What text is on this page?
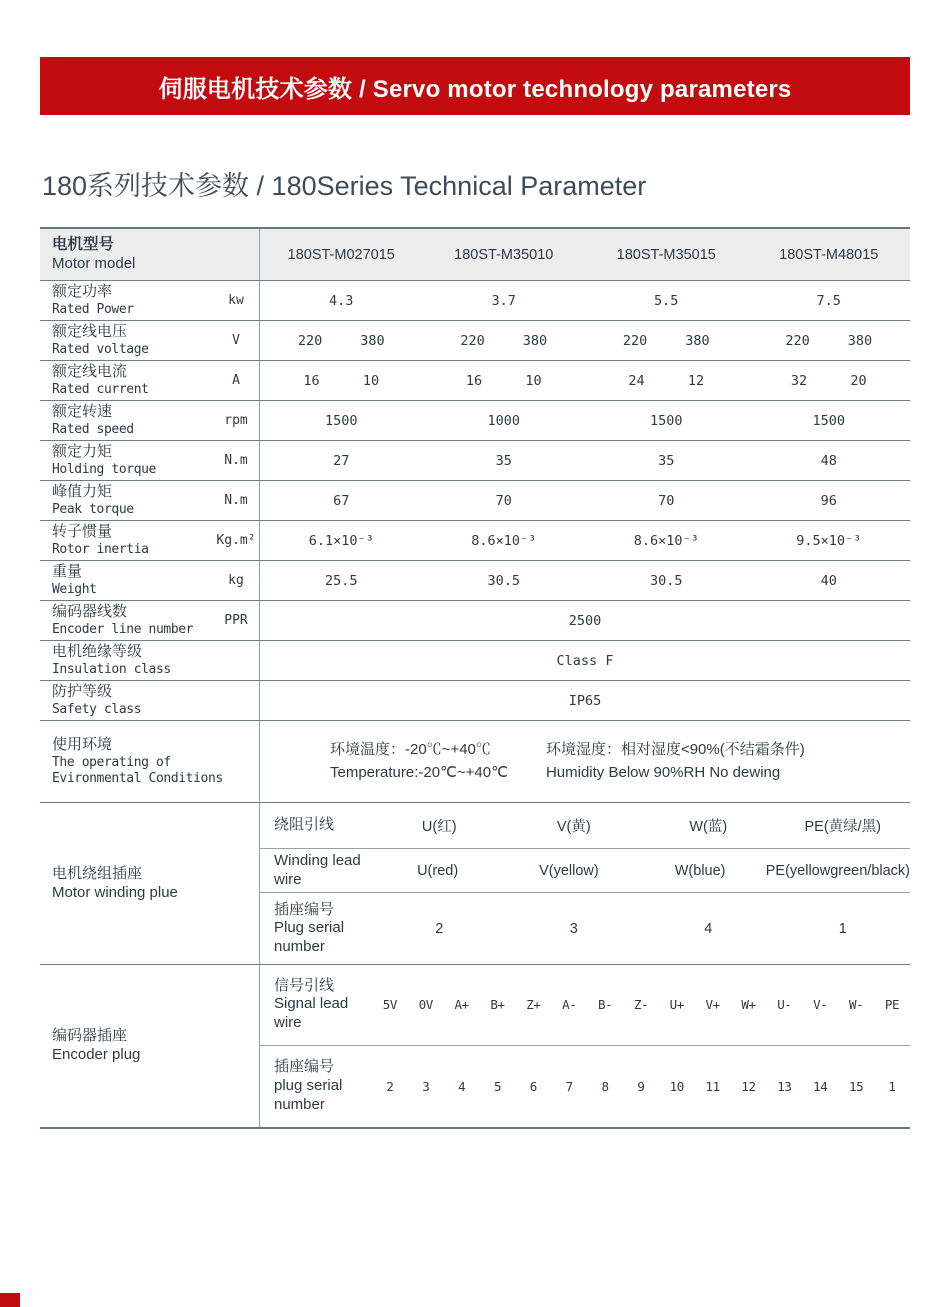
伺服电机技术参数 / Servo motor technology parameters
180系列技术参数 / 180Series Technical Parameter
电机型号
Motor model
180ST-M027015	180ST-M35010	180ST-M35015	180ST-M48015
额定功率
Rated Power
kw	4.3	3.7	5.5	7.5
额定线电压
Rated voltage
V	220	380	220	380	220	380	220	380
额定线电流
Rated current
A	16	10	16	10	24	12	32	20
额定转速
Rated speed
rpm	1500	1000	1500	1500
额定力矩
Holding torque
N.m	27	35	35	48
峰值力矩
Peak torque
N.m	67	70	70	96
转子惯量
Rotor inertia
Kg.m²	6.1×10⁻³	8.6×10⁻³	8.6×10⁻³	9.5×10⁻³
重量
Weight
kg	25.5	30.5	30.5	40
编码器线数
Encoder line number
PPR	2500
电机绝缘等级
Insulation class
Class F
防护等级
Safety class
IP65
使用环境
The operating of
Evironmental Conditions
环境温度：-20℃~+40℃
Temperature:-20℃~+40℃
环境湿度：相对湿度<90%(不结霜条件)
Humidity Below 90%RH No dewing
电机绕组插座
Motor winding plue
绕阻引线	U(红)	V(黄)	W(蓝)	PE(黄绿/黑)
Winding lead wire	U(red)	V(yellow)	W(blue)	PE(yellowgreen/black)
插座编号
Plug serial number
2	3	4	1
编码器插座
Encoder plug
信号引线
Signal lead wire
5V	0V	A+	B+	Z+	A-	B-	Z-	U+	V+	W+	U-	V-	W-	PE
插座编号
plug serial number
2	3	4	5	6	7	8	9	10	11	12	13	14	15	1
